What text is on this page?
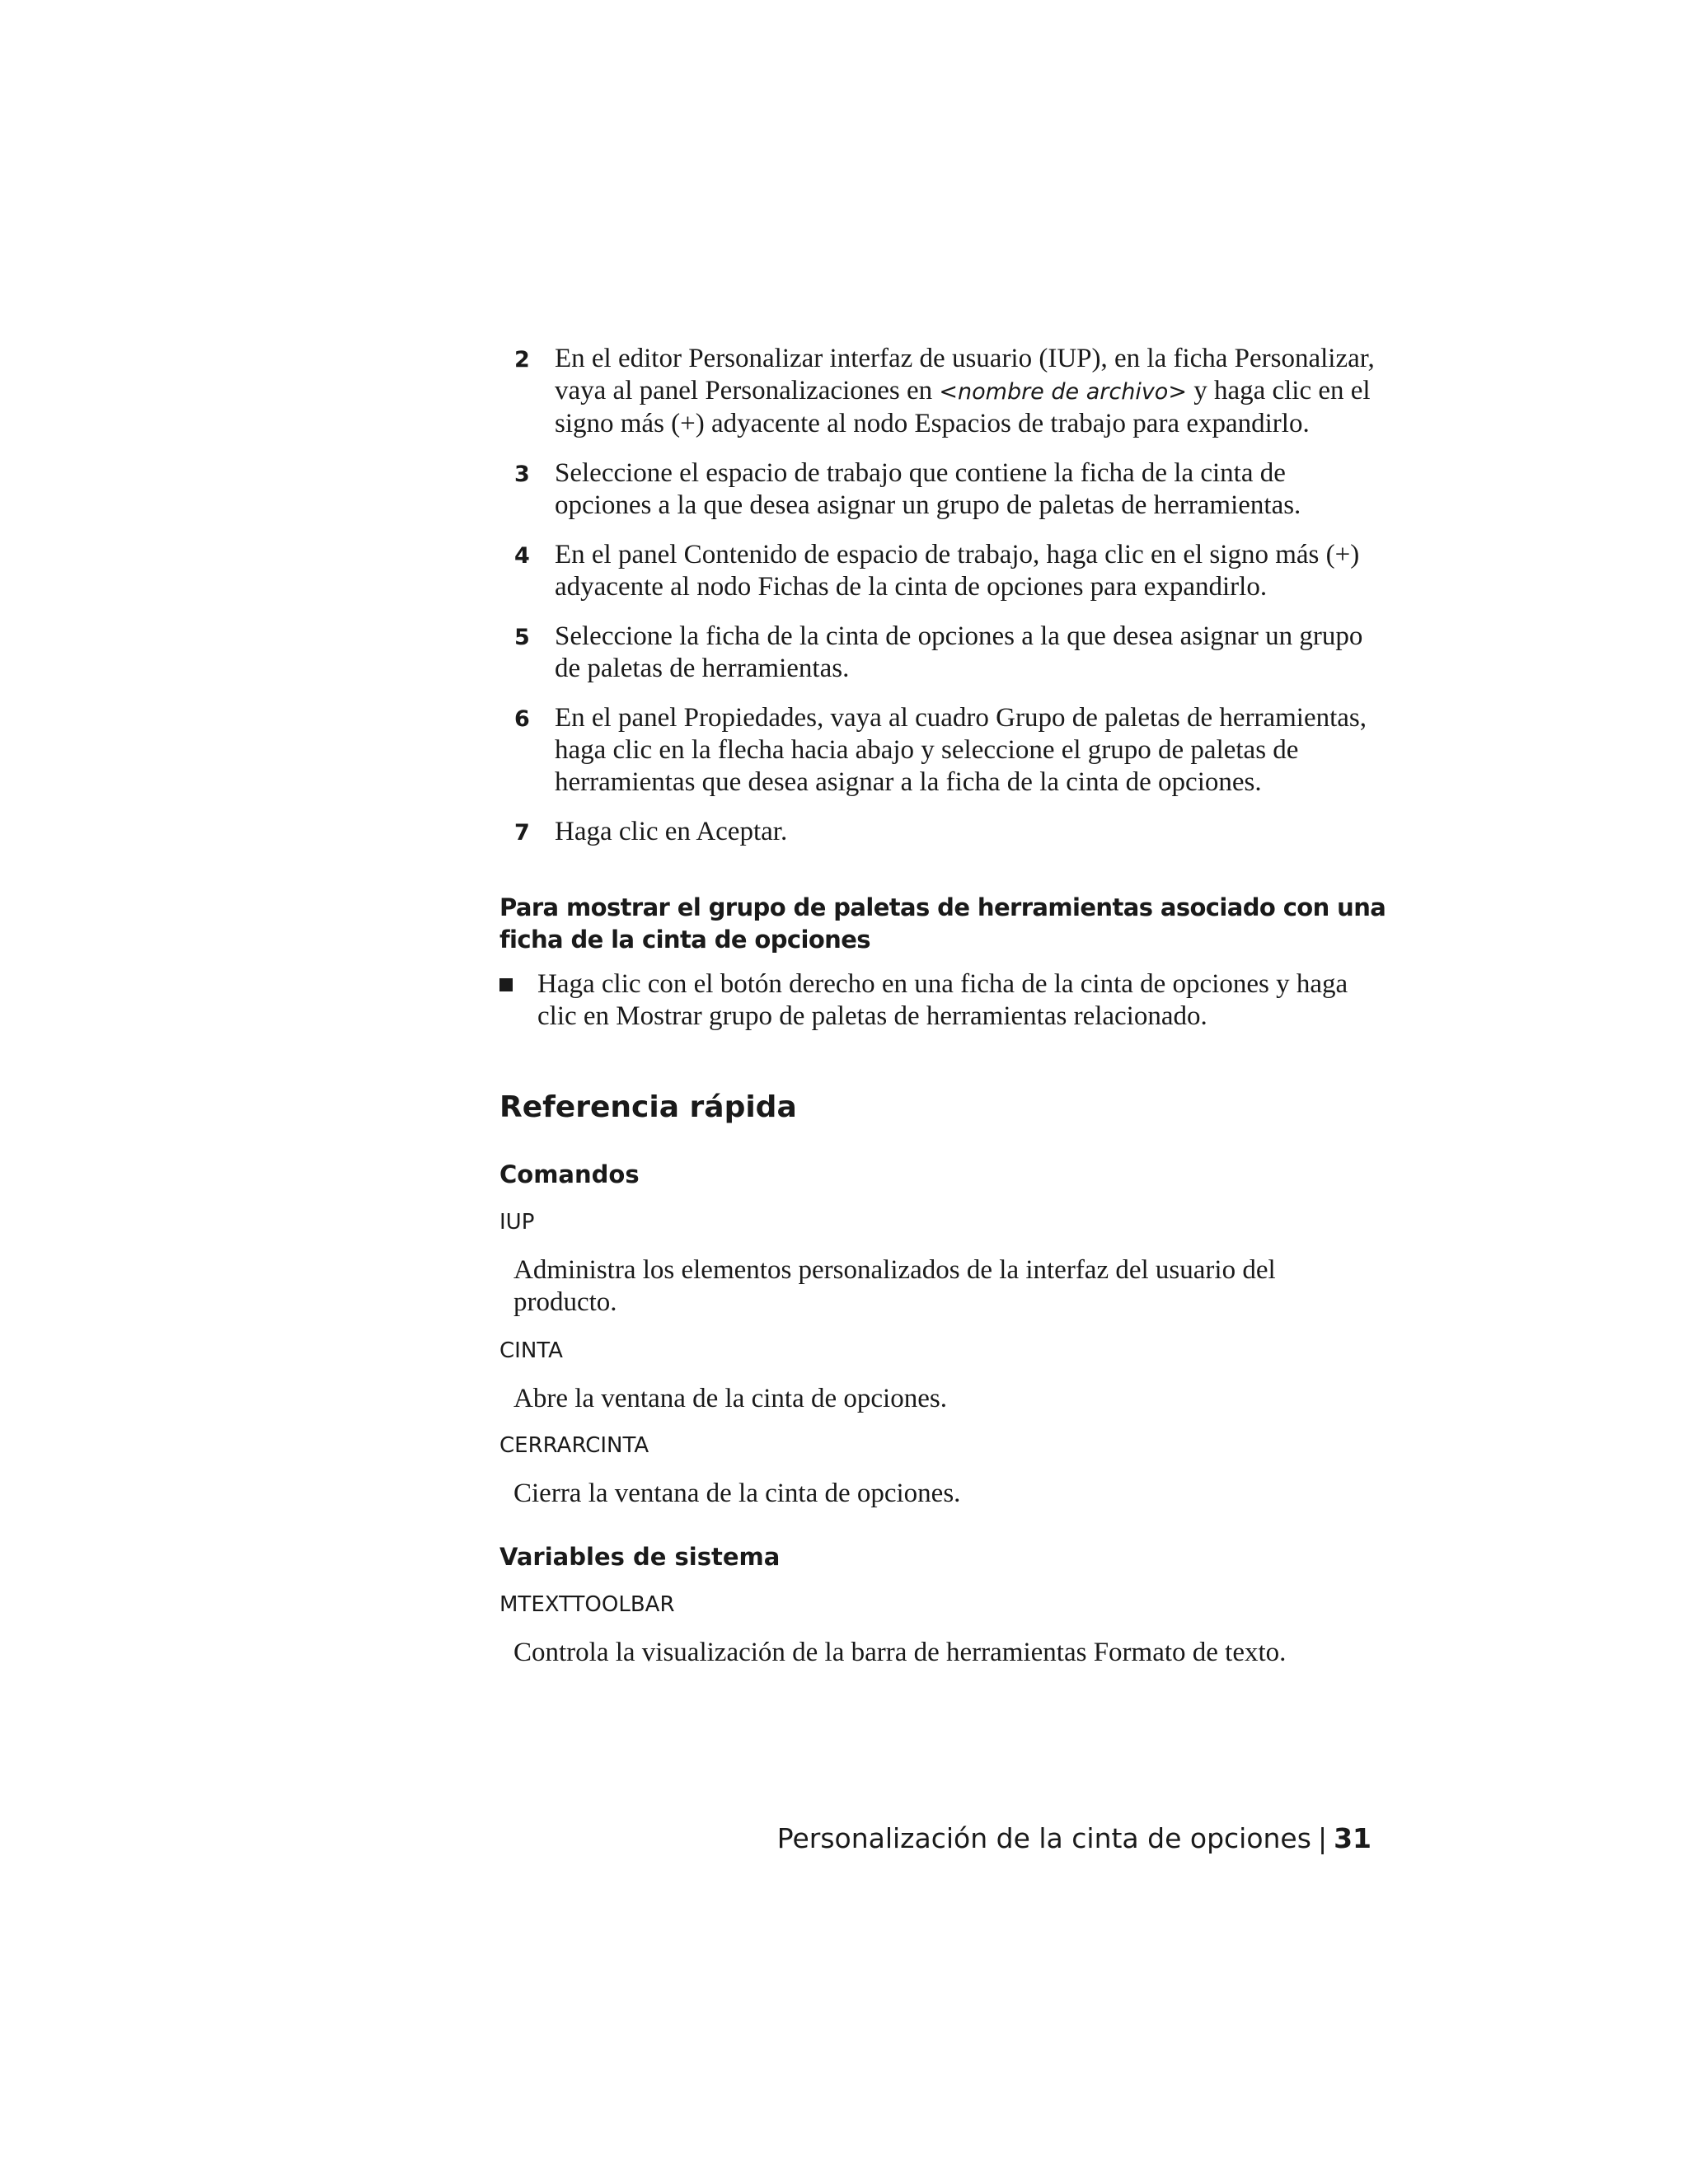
2 En el editor Personalizar interfaz de usuario (IUP), en la ficha Personalizar, vaya al panel Personalizaciones en <nombre de archivo> y haga clic en el signo más (+) adyacente al nodo Espacios de trabajo para expandirlo.
3 Seleccione el espacio de trabajo que contiene la ficha de la cinta de opciones a la que desea asignar un grupo de paletas de herramientas.
4 En el panel Contenido de espacio de trabajo, haga clic en el signo más (+) adyacente al nodo Fichas de la cinta de opciones para expandirlo.
5 Seleccione la ficha de la cinta de opciones a la que desea asignar un grupo de paletas de herramientas.
6 En el panel Propiedades, vaya al cuadro Grupo de paletas de herramientas, haga clic en la flecha hacia abajo y seleccione el grupo de paletas de herramientas que desea asignar a la ficha de la cinta de opciones.
7 Haga clic en Aceptar.
Para mostrar el grupo de paletas de herramientas asociado con una ficha de la cinta de opciones
Haga clic con el botón derecho en una ficha de la cinta de opciones y haga clic en Mostrar grupo de paletas de herramientas relacionado.
Referencia rápida
Comandos
IUP
Administra los elementos personalizados de la interfaz del usuario del producto.
CINTA
Abre la ventana de la cinta de opciones.
CERRARCINTA
Cierra la ventana de la cinta de opciones.
Variables de sistema
MTEXTTOOLBAR
Controla la visualización de la barra de herramientas Formato de texto.
Personalización de la cinta de opciones | 31
